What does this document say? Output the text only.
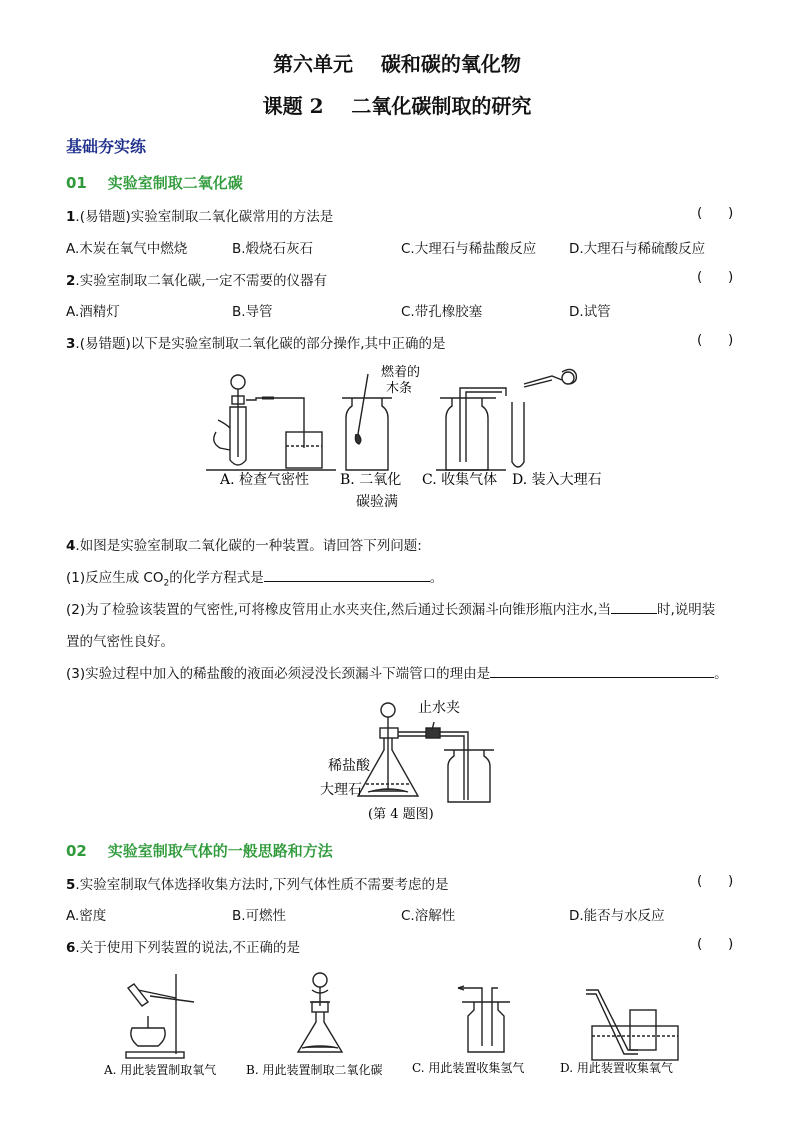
第六单元    碳和碳的氧化物
课题 2    二氧化碳制取的研究
基础夯实练
01 实验室制取二氧化碳
1.(易错题)实验室制取二氧化碳常用的方法是	(      )
A.木炭在氧气中燃烧	B.煅烧石灰石	C.大理石与稀盐酸反应 D.大理石与稀硫酸反应
2.实验室制取二氧化碳,一定不需要的仪器有	(      )
A.酒精灯	B.导管	C.带孔橡胶塞	D.试管
3.(易错题)以下是实验室制取二氧化碳的部分操作,其中正确的是	(      )
燃着的
木条
A. 检查气密性 B. 二氧化
碳验满
C. 收集气体 D. 装入大理石
4.如图是实验室制取二氧化碳的一种装置。请回答下列问题:
(1)反应生成 $CO_2$的化学方程式是	。
(2)为了检验该装置的气密性,可将橡皮管用止水夹夹住,然后通过长颈漏斗向锥形瓶内注水,当	时,说明装
置的气密性良好。
(3)实验过程中加入的稀盐酸的液面必须浸没长颈漏斗下端管口的理由是	。
止水夹
稀盐酸
大理石
(第 4 题图)
02 实验室制取气体的一般思路和方法
5.实验室制取气体选择收集方法时,下列气体性质不需要考虑的是	(      )
A.密度	B.可燃性	C.溶解性	D.能否与水反应
6.关于使用下列装置的说法,不正确的是	(      )
A. 用此装置制取氧气 B. 用此装置制取二氧化碳 C. 用此装置收集氢气	D. 用此装置收集氧气
